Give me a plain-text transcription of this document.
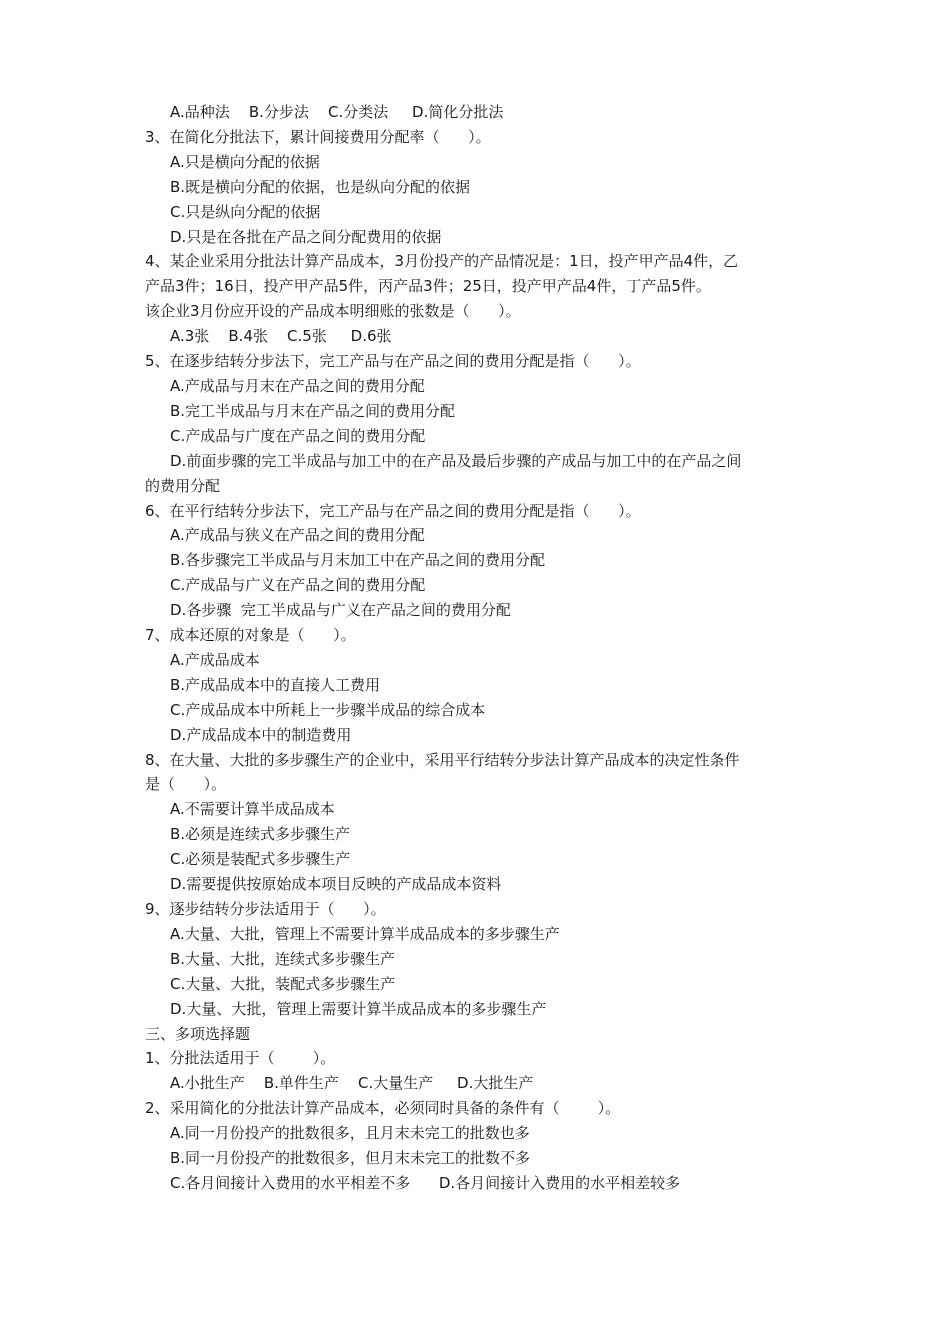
A.品种法    B.分步法    C.分类法     D.简化分批法
3、在简化分批法下，累计间接费用分配率（      ）。
A.只是横向分配的依据
B.既是横向分配的依据，也是纵向分配的依据
C.只是纵向分配的依据
D.只是在各批在产品之间分配费用的依据
4、某企业采用分批法计算产品成本，3月份投产的产品情况是：1日，投产甲产品4件，乙
产品3件；16日，投产甲产品5件，丙产品3件；25日，投产甲产品4件，丁产品5件。
该企业3月份应开设的产品成本明细账的张数是（      ）。
A.3张    B.4张    C.5张     D.6张
5、在逐步结转分步法下，完工产品与在产品之间的费用分配是指（      ）。
A.产成品与月末在产品之间的费用分配
B.完工半成品与月末在产品之间的费用分配
C.产成品与广度在产品之间的费用分配
D.前面步骤的完工半成品与加工中的在产品及最后步骤的产成品与加工中的在产品之间
的费用分配
6、在平行结转分步法下，完工产品与在产品之间的费用分配是指（      ）。
A.产成品与狭义在产品之间的费用分配
B.各步骤完工半成品与月末加工中在产品之间的费用分配
C.产成品与广义在产品之间的费用分配
D.各步骤  完工半成品与广义在产品之间的费用分配
7、成本还原的对象是（      ）。
A.产成品成本
B.产成品成本中的直接人工费用
C.产成品成本中所耗上一步骤半成品的综合成本
D.产成品成本中的制造费用
8、在大量、大批的多步骤生产的企业中，采用平行结转分步法计算产品成本的决定性条件
是（      ）。
A.不需要计算半成品成本
B.必须是连续式多步骤生产
C.必须是装配式多步骤生产
D.需要提供按原始成本项目反映的产成品成本资料
9、逐步结转分步法适用于（      ）。
A.大量、大批，管理上不需要计算半成品成本的多步骤生产
B.大量、大批，连续式多步骤生产
C.大量、大批，装配式多步骤生产
D.大量、大批，管理上需要计算半成品成本的多步骤生产
三、多项选择题
1、分批法适用于（        ）。
A.小批生产    B.单件生产    C.大量生产     D.大批生产
2、采用简化的分批法计算产品成本，必须同时具备的条件有（        ）。
A.同一月份投产的批数很多，且月末未完工的批数也多
B.同一月份投产的批数很多，但月末未完工的批数不多
C.各月间接计入费用的水平相差不多      D.各月间接计入费用的水平相差较多
